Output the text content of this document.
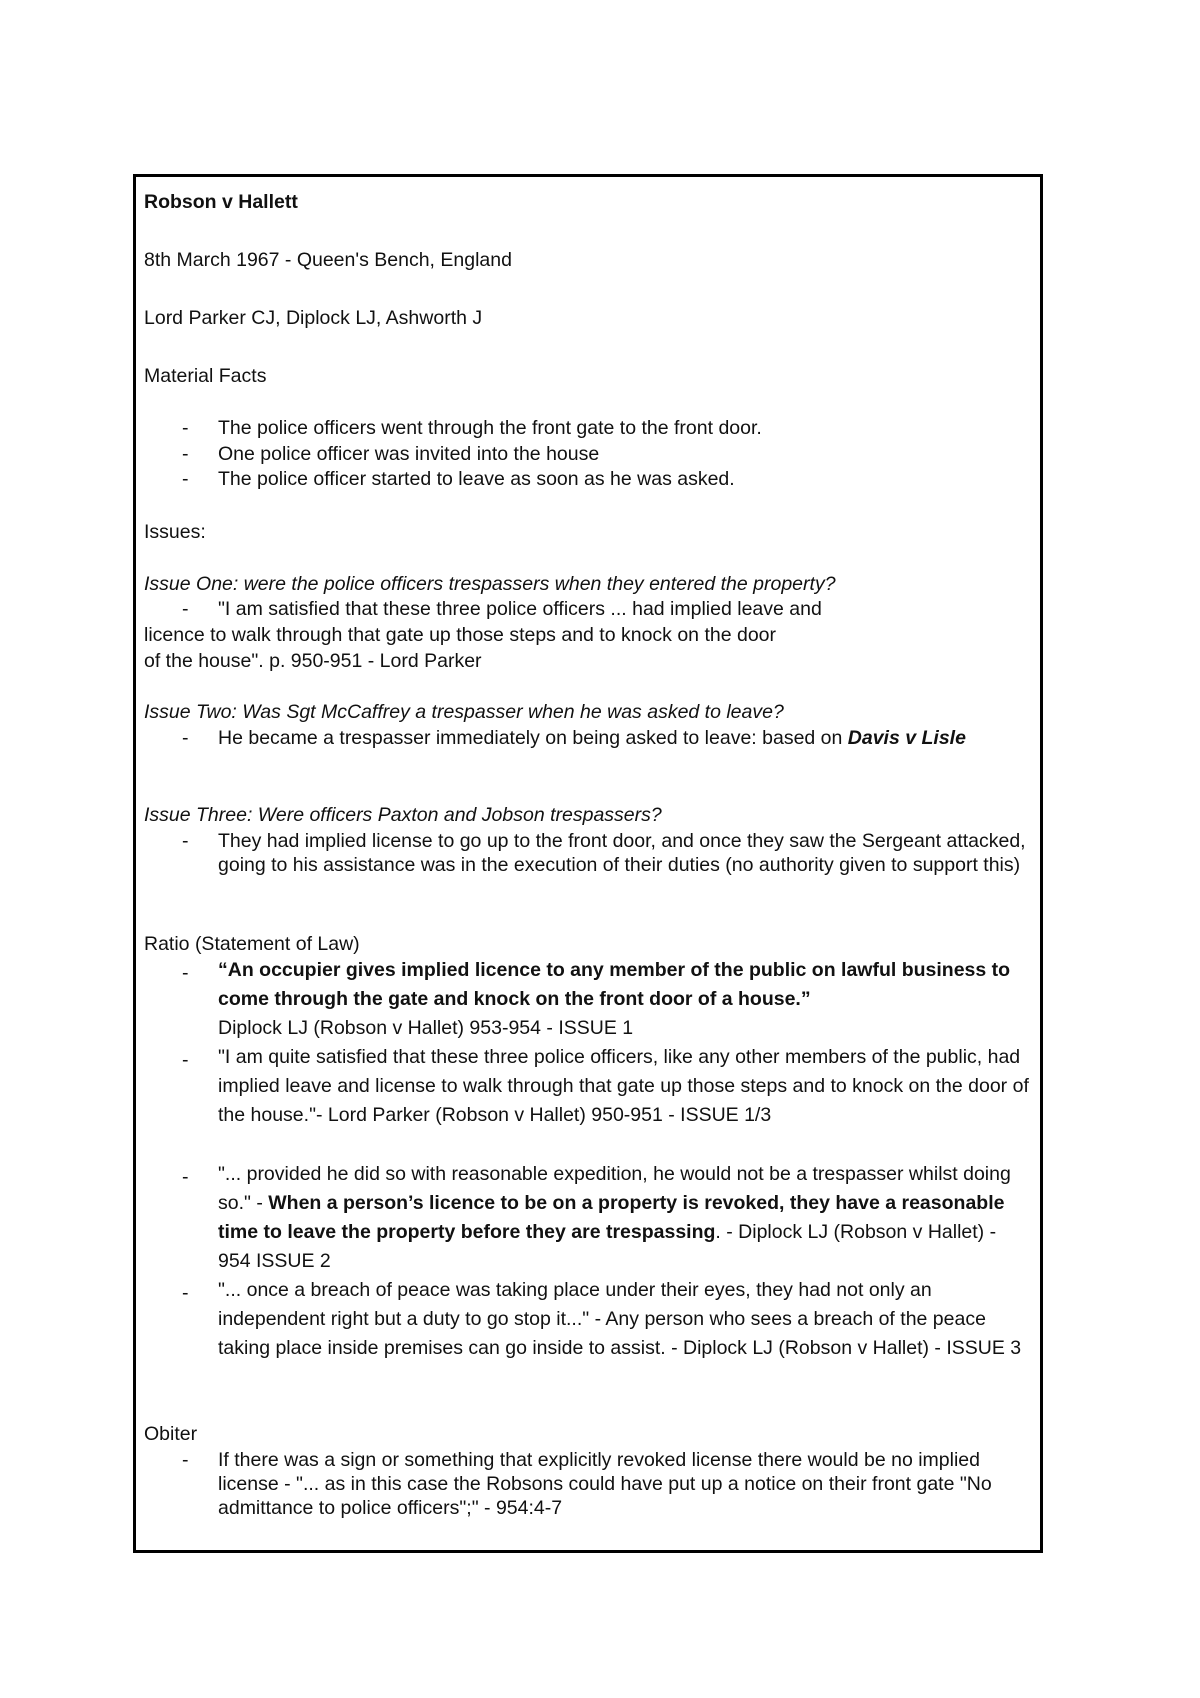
Robson v Hallett

8th March 1967 - Queen's Bench, England

Lord Parker CJ, Diplock LJ, Ashworth J

Material Facts

- The police officers went through the front gate to the front door.

- One police officer was invited into the house

- The police officer started to leave as soon as he was asked.

Issues:

Issue One: were the police officers trespassers when they entered the property?

- "I am satisfied that these three police officers ... had implied leave and

licence to walk through that gate up those steps and to knock on the door

of the house". p. 950-951 - Lord Parker

Issue Two: Was Sgt McCaffrey a trespasser when he was asked to leave?

- He became a trespasser immediately on being asked to leave: based on Davis v Lisle

Issue Three: Were officers Paxton and Jobson trespassers?

- They had implied license to go up to the front door, and once they saw the Sergeant attacked, going to his assistance was in the execution of their duties (no authority given to support this)

Ratio (Statement of Law)

- “An occupier gives implied licence to any member of the public on lawful business to come through the gate and knock on the front door of a house.”
Diplock LJ (Robson v Hallet) 953-954 - ISSUE 1

- "I am quite satisfied that these three police officers, like any other members of the public, had implied leave and license to walk through that gate up those steps and to knock on the door of the house."- Lord Parker (Robson v Hallet) 950-951 - ISSUE 1/3

- "... provided he did so with reasonable expedition, he would not be a trespasser whilst doing so." - When a person’s licence to be on a property is revoked, they have a reasonable time to leave the property before they are trespassing. - Diplock LJ (Robson v Hallet) - 954 ISSUE 2

"... once a breach of peace was taking place under their eyes, they had not only an independent right but a duty to go stop it..." - Any person who sees a breach of the peace taking place inside premises can go inside to assist. - Diplock LJ (Robson v Hallet) - ISSUE 3

-

Obiter

- If there was a sign or something that explicitly revoked license there would be no implied license - "... as in this case the Robsons could have put up a notice on their front gate "No admittance to police officers";" - 954:4-7
